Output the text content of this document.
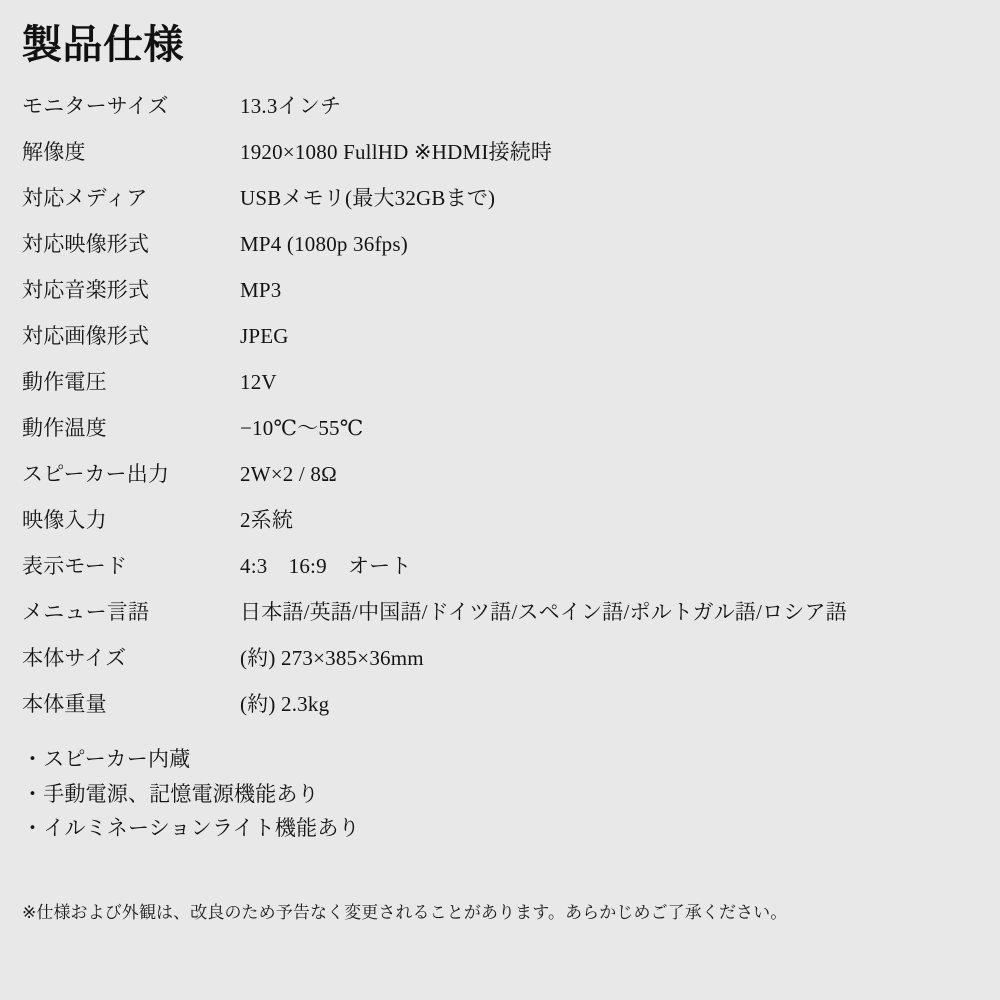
製品仕様
モニターサイズ	13.3インチ
解像度	1920×1080 FullHD ※HDMI接続時
対応メディア	USBメモリ(最大32GBまで)
対応映像形式	MP4 (1080p 36fps)
対応音楽形式	MP3
対応画像形式	JPEG
動作電圧	12V
動作温度	−10℃〜55℃
スピーカー出力	2W×2 / 8Ω
映像入力	2系統
表示モード	4:3　16:9　オート
メニュー言語	日本語/英語/中国語/ドイツ語/スペイン語/ポルトガル語/ロシア語
本体サイズ	(約) 273×385×36mm
本体重量	(約) 2.3kg
・スピーカー内蔵
・手動電源、記憶電源機能あり
・イルミネーションライト機能あり
※仕様および外観は、改良のため予告なく変更されることがあります。あらかじめご了承ください。
